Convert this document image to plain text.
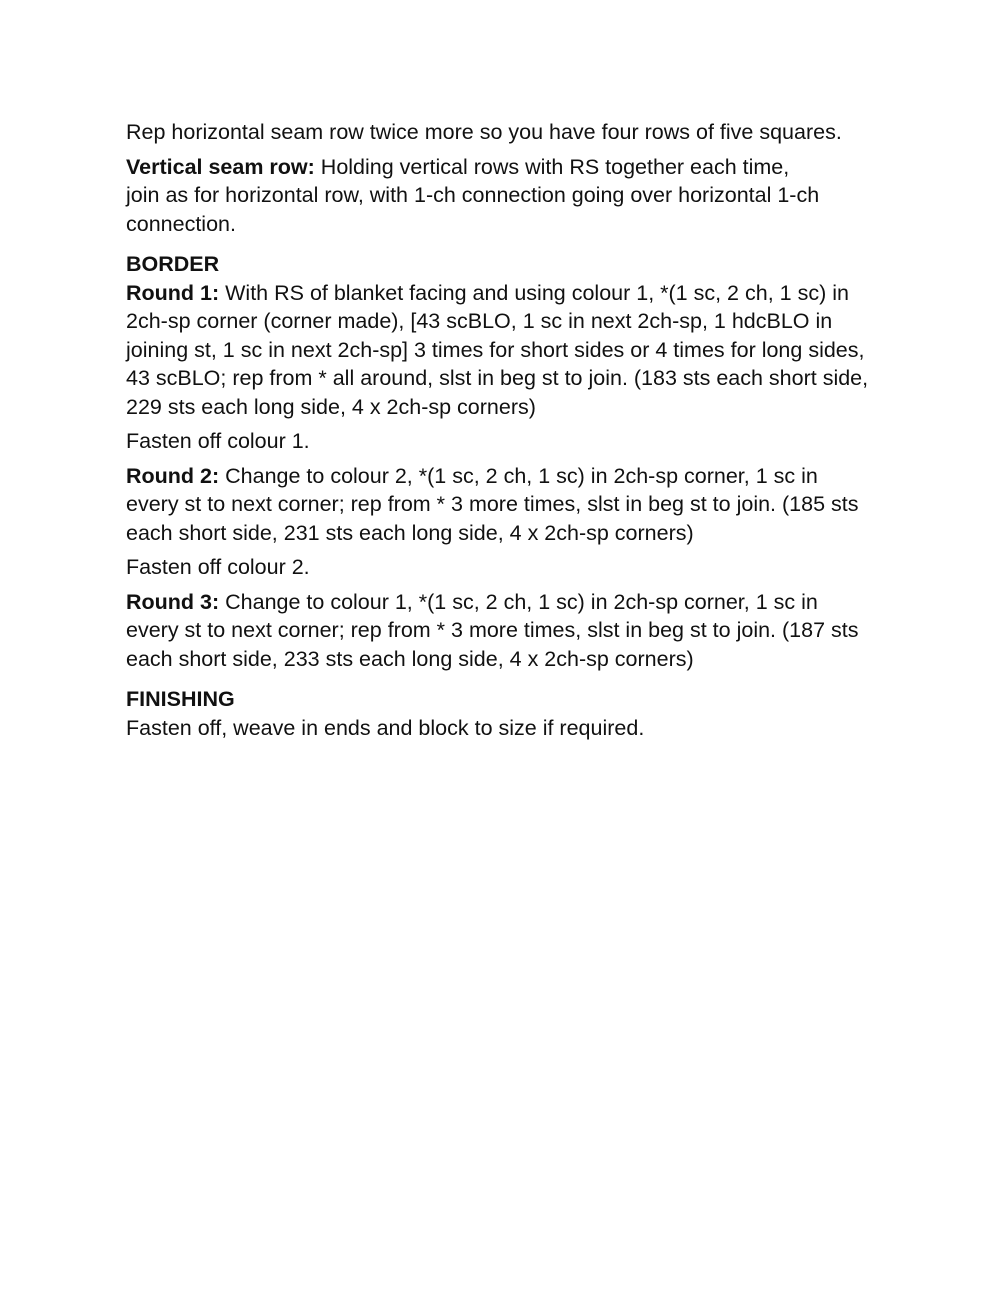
Rep horizontal seam row twice more so you have four rows of five squares.

Vertical seam row: Holding vertical rows with RS together each time, join as for horizontal row, with 1-ch connection going over horizontal 1-ch connection.

BORDER

Round 1: With RS of blanket facing and using colour 1, *(1 sc, 2 ch, 1 sc) in 2ch-sp corner (corner made), [43 scBLO, 1 sc in next 2ch-sp, 1 hdcBLO in joining st, 1 sc in next 2ch-sp] 3 times for short sides or 4 times for long sides, 43 scBLO; rep from * all around, slst in beg st to join. (183 sts each short side, 229 sts each long side, 4 x 2ch-sp corners)

Fasten off colour 1.

Round 2: Change to colour 2, *(1 sc, 2 ch, 1 sc) in 2ch-sp corner, 1 sc in every st to next corner; rep from * 3 more times, slst in beg st to join. (185 sts each short side, 231 sts each long side, 4 x 2ch-sp corners)

Fasten off colour 2.

Round 3: Change to colour 1, *(1 sc, 2 ch, 1 sc) in 2ch-sp corner, 1 sc in every st to next corner; rep from * 3 more times, slst in beg st to join. (187 sts each short side, 233 sts each long side, 4 x 2ch-sp corners)

FINISHING

Fasten off, weave in ends and block to size if required.
